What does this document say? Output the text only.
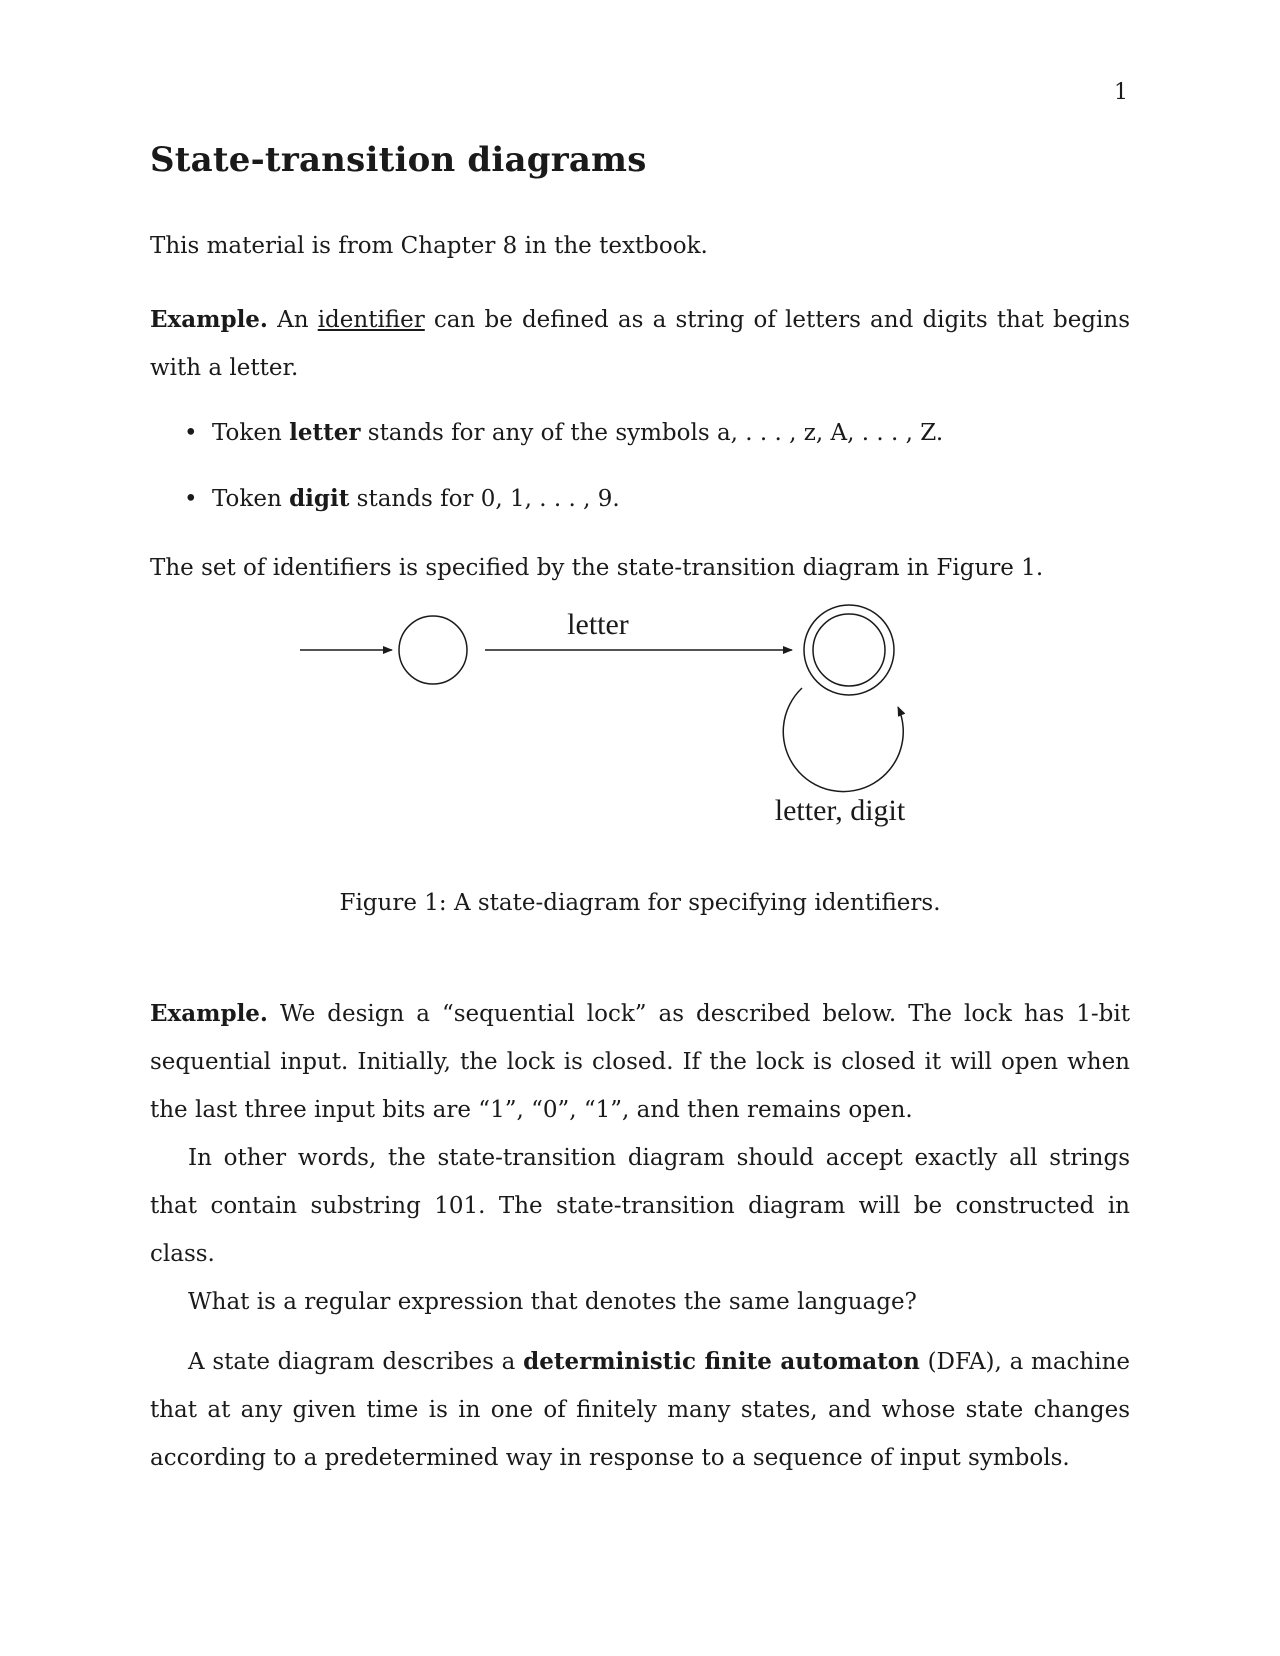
1
State-transition diagrams
This material is from Chapter 8 in the textbook.
Example. An identifier can be defined as a string of letters and digits that begins with a letter.
• Token letter stands for any of the symbols a, . . . , z, A, . . . , Z.
• Token digit stands for 0, 1, . . . , 9.
The set of identifiers is specified by the state-transition diagram in Figure 1.
letter
letter, digit
Figure 1: A state-diagram for specifying identifiers.
Example. We design a “sequential lock” as described below. The lock has 1-bit sequential input. Initially, the lock is closed. If the lock is closed it will open when the last three input bits are “1”, “0”, “1”, and then remains open.
In other words, the state-transition diagram should accept exactly all strings that contain substring 101. The state-transition diagram will be constructed in class.
What is a regular expression that denotes the same language?
A state diagram describes a deterministic finite automaton (DFA), a machine that at any given time is in one of finitely many states, and whose state changes according to a predetermined way in response to a sequence of input symbols.
